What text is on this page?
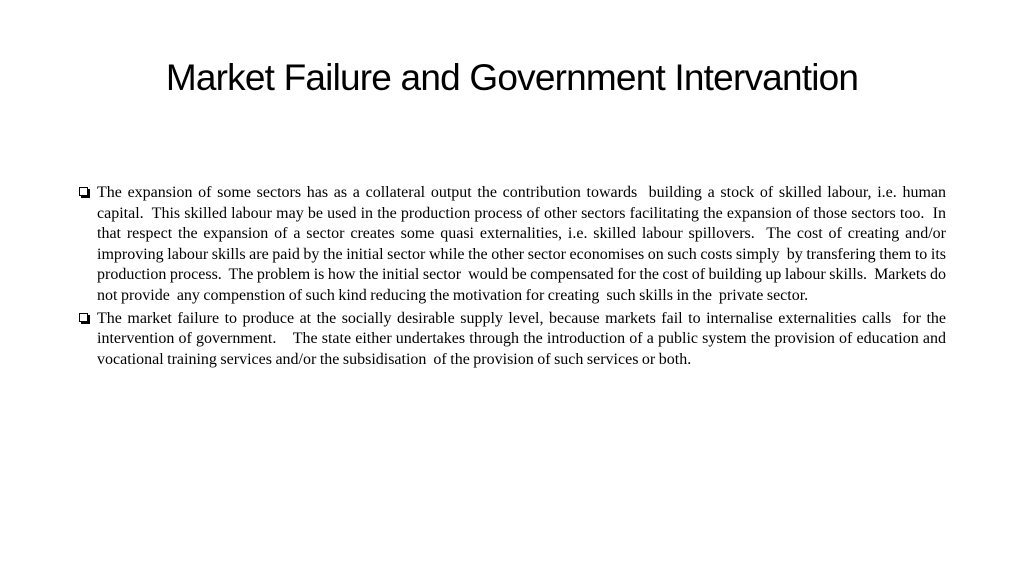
Market Failure and Government Intervantion
The expansion of some sectors has as a collateral output the contribution towards  building a stock of skilled labour, i.e. human capital.  This skilled labour may be used in the production process of other sectors facilitating the expansion of those sectors too.  In that respect the expansion of a sector creates some quasi externalities, i.e. skilled labour spillovers.  The cost of creating and/or improving labour skills are paid by the initial sector while the other sector economises on such costs simply  by transfering them to its production process.  The problem is how the initial sector  would be compensated for the cost of building up labour skills.  Markets do not provide  any compenstion of such kind reducing the motivation for creating  such skills in the  private sector.
The market failure to produce at the socially desirable supply level, because markets fail to internalise externalities calls  for the intervention of government.    The state either undertakes through the introduction of a public system the provision of education and vocational training services and/or the subsidisation  of the provision of such services or both.
